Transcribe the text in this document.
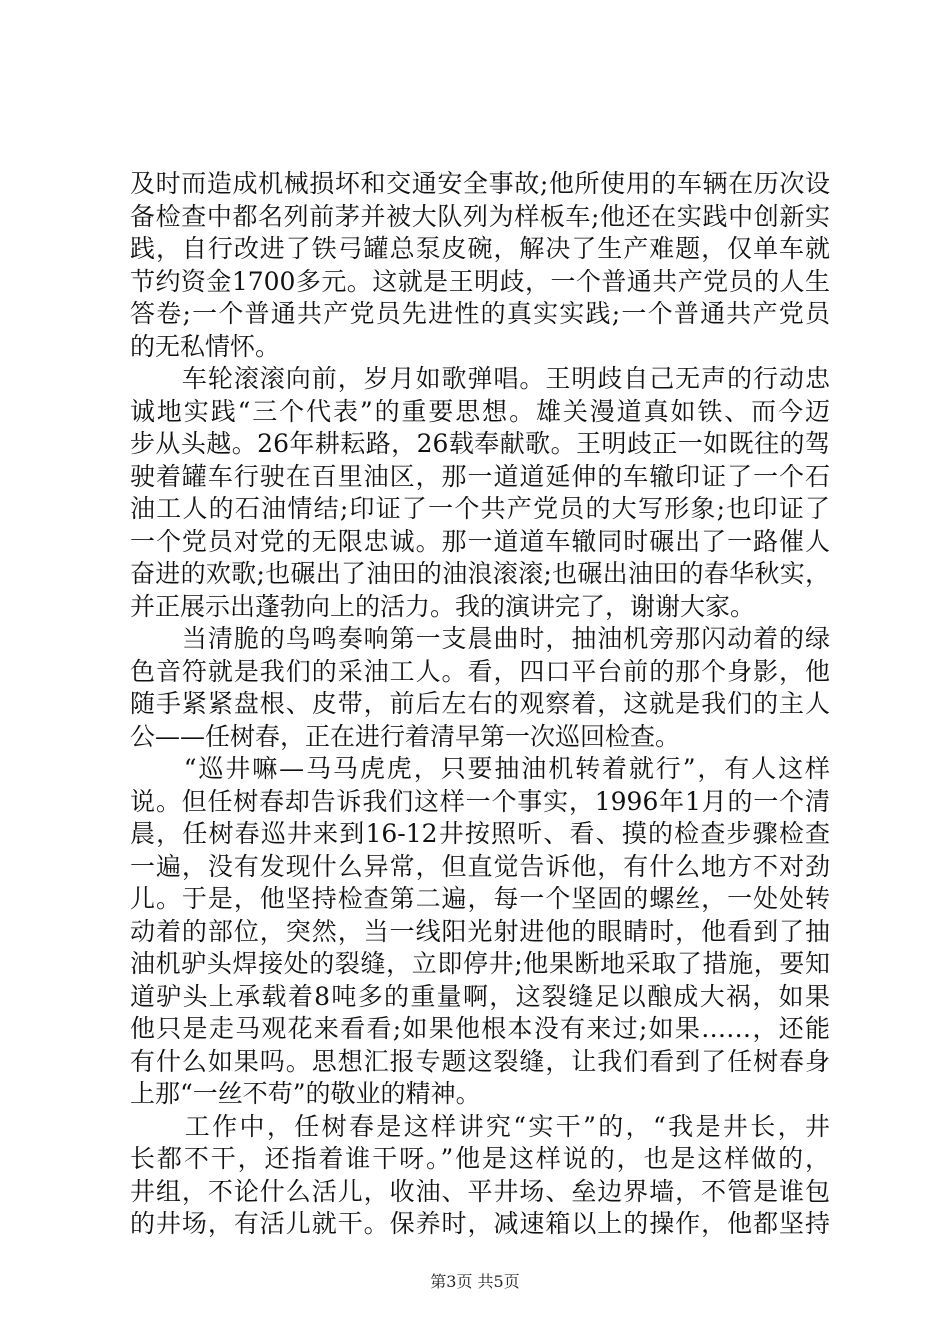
及时而造成机械损坏和交通安全事故;他所使用的车辆在历次设
备检查中都名列前茅并被大队列为样板车;他还在实践中创新实
践，自行改进了铁弓罐总泵皮碗，解决了生产难题，仅单车就
节约资金1700多元。这就是王明歧，一个普通共产党员的人生
答卷;一个普通共产党员先进性的真实实践;一个普通共产党员
的无私情怀。
　　车轮滚滚向前，岁月如歌弹唱。王明歧自己无声的行动忠
诚地实践“三个代表”的重要思想。雄关漫道真如铁、而今迈
步从头越。26年耕耘路，26载奉献歌。王明歧正一如既往的驾
驶着罐车行驶在百里油区，那一道道延伸的车辙印证了一个石
油工人的石油情结;印证了一个共产党员的大写形象;也印证了
一个党员对党的无限忠诚。那一道道车辙同时碾出了一路催人
奋进的欢歌;也碾出了油田的油浪滚滚;也碾出油田的春华秋实，
并正展示出蓬勃向上的活力。我的演讲完了，谢谢大家。
　　当清脆的鸟鸣奏响第一支晨曲时，抽油机旁那闪动着的绿
色音符就是我们的采油工人。看，四口平台前的那个身影，他
随手紧紧盘根、皮带，前后左右的观察着，这就是我们的主人
公——任树春，正在进行着清早第一次巡回检查。
　　“巡井嘛—马马虎虎，只要抽油机转着就行”，有人这样
说。但任树春却告诉我们这样一个事实，1996年1月的一个清
晨，任树春巡井来到16-12井按照听、看、摸的检查步骤检查
一遍，没有发现什么异常，但直觉告诉他，有什么地方不对劲
儿。于是，他坚持检查第二遍，每一个坚固的螺丝，一处处转
动着的部位，突然，当一线阳光射进他的眼睛时，他看到了抽
油机驴头焊接处的裂缝，立即停井;他果断地采取了措施，要知
道驴头上承载着8吨多的重量啊，这裂缝足以酿成大祸，如果
他只是走马观花来看看;如果他根本没有来过;如果……，还能
有什么如果吗。思想汇报专题这裂缝，让我们看到了任树春身
上那“一丝不苟”的敬业的精神。
　　工作中，任树春是这样讲究“实干”的，“我是井长，井
长都不干，还指着谁干呀。”他是这样说的，也是这样做的，
井组，不论什么活儿，收油、平井场、垒边界墙，不管是谁包
的井场，有活儿就干。保养时，减速箱以上的操作，他都坚持
第3页 共5页
